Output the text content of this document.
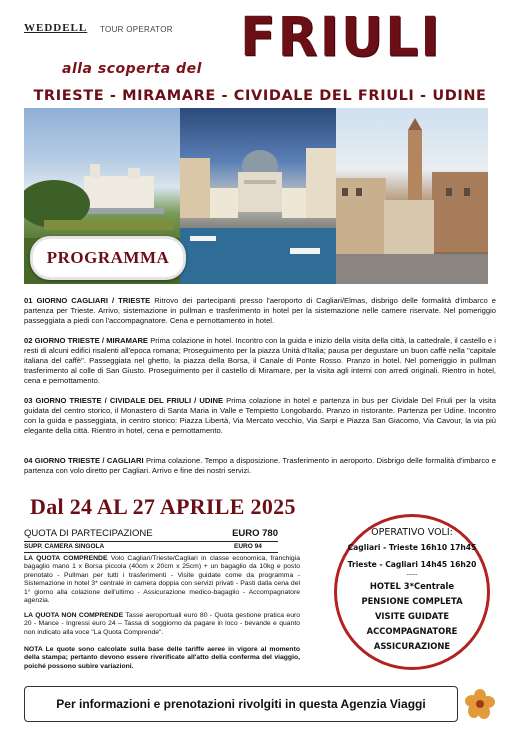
WEDDELL TOUR OPERATOR FRIULI
alla scoperta del
TRIESTE - MIRAMARE - CIVIDALE DEL FRIULI - UDINE
PROGRAMMA
01 GIORNO CAGLIARI / TRIESTE Ritrovo dei partecipanti presso l'aeroporto di Cagliari/Elmas, disbrigo delle formalità d'imbarco e partenza per Trieste. Arrivo, sistemazione in pullman e trasferimento in hotel per la sistemazione nelle camere riservate. Nel pomeriggio passeggiata a piedi con l'accompagnatore. Cena e pernottamento in hotel.
02 GIORNO TRIESTE / MIRAMARE Prima colazione in hotel. Incontro con la guida e inizio della visita della città, la cattedrale, il castello e i resti di alcuni edifici risalenti all'epoca romana; Proseguimento per la piazza Unità d'Italia; pausa per degustare un buon caffè nella "capitale italiana del caffè". Passeggiata nel ghetto, la piazza della Borsa, il Canale di Ponte Rosso. Pranzo in hotel. Nel pomeriggio in pullman trasferimento al colle di San Giusto. Proseguimento per il castello di Miramare, per la visita agli interni con arredi originali. Rientro in hotel, cena e pernottamento.
03 GIORNO TRIESTE / CIVIDALE DEL FRIULI / UDINE Prima colazione in hotel e partenza in bus per Cividale Del Friuli per la visita guidata del centro storico, il Monastero di Santa Maria in Valle e Tempietto Longobardo. Pranzo in ristorante. Partenza per Udine. Incontro con la guida e passeggiata, in centro storico: Piazza Libertà, Via Mercato vecchio, Via Sarpi e Piazza San Giacomo, Via Cavour, la via più elegante della città. Rientro in hotel, cena e pernottamento.
04 GIORNO TRIESTE / CAGLIARI Prima colazione. Tempo a disposizione. Trasferimento in aeroporto. Disbrigo delle formalità d'imbarco e partenza con volo diretto per Cagliari. Arrivo e fine dei nostri servizi.
Dal 24 AL 27 APRILE 2025
QUOTA DI PARTECIPAZIONE	EURO 780
SUPP. CAMERA SINGOLA	EURO 94
LA QUOTA COMPRENDE Volo Cagliari/Trieste/Cagliari in classe economica, franchigia bagaglio mano 1 x Borsa piccola (40cm x 20cm x 25cm) + un bagaglio da 10kg e posto prenotato - Pullman per tutti i trasferimenti - Visite guidate come da programma - Sistemazione in hotel 3* centrale in camera doppia con servizi privati - Pasti dalla cena del 1° giorno alla colazione dell'ultimo - Assicurazione medico-bagaglio - Accompagnatore agenzia.
LA QUOTA NON COMPRENDE Tasse aeroportuali euro 80 - Quota gestione pratica euro 20 - Mance - Ingressi euro 24 – Tassa di soggiorno da pagare in loco - bevande e quanto non indicato alla voce "La Quota Comprende".
NOTA Le quote sono calcolate sulla base delle tariffe aeree in vigore al momento della stampa; pertanto devono essere riverificate all'atto della conferma del viaggio, poiché possono subire variazioni.
OPERATIVO VOLI:
Cagliari - Trieste 16h10 17h45
Trieste - Cagliari 14h45 16h20
-----
HOTEL 3*Centrale
PENSIONE COMPLETA
VISITE GUIDATE
ACCOMPAGNATORE
ASSICURAZIONE
Per informazioni e prenotazioni rivolgiti in questa Agenzia Viaggi
